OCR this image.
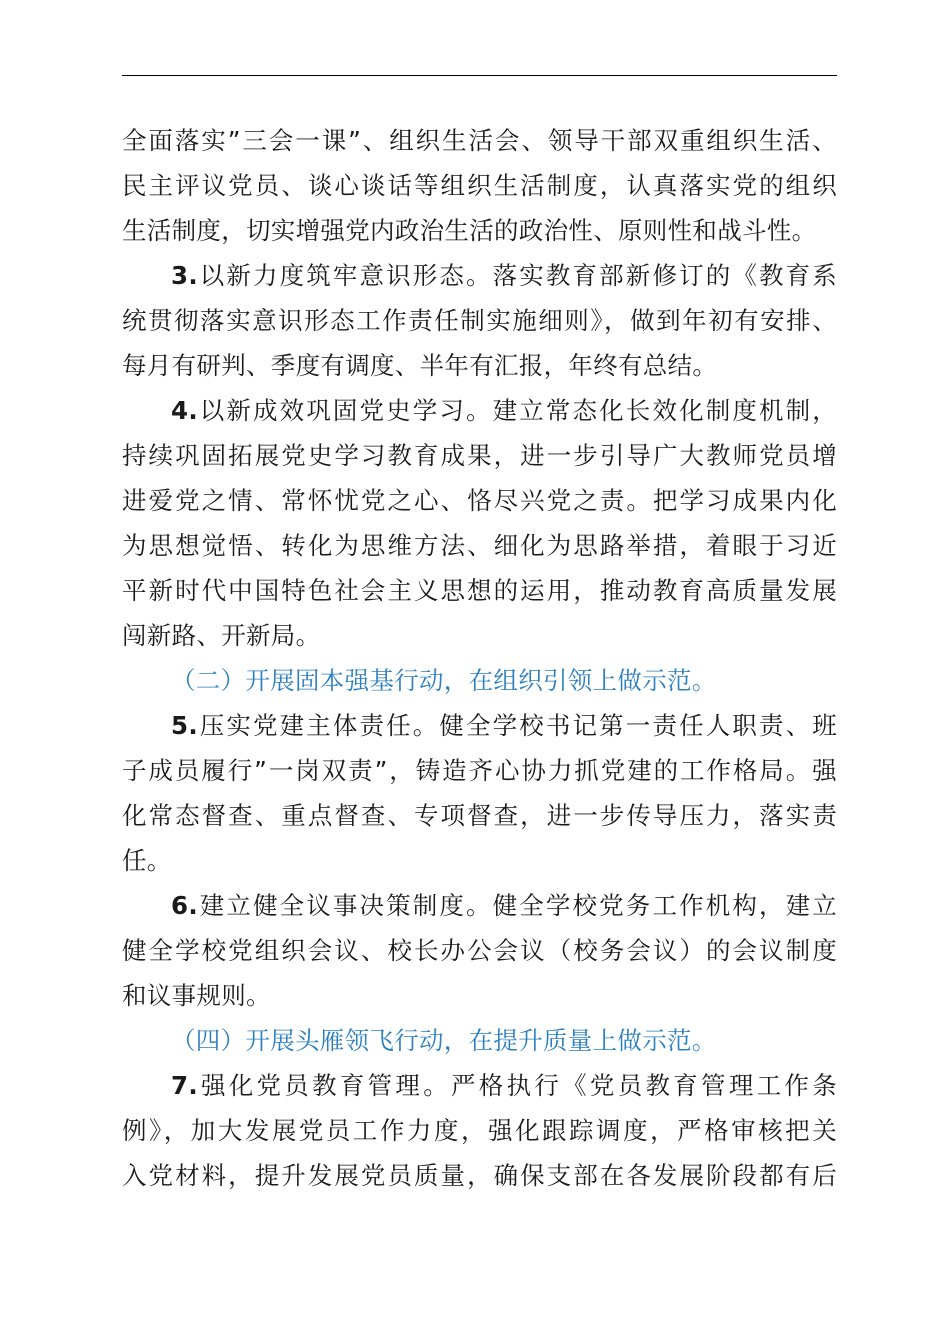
全面落实”三会一课”、组织生活会、领导干部双重组织生活、
民主评议党员、谈心谈话等组织生活制度，认真落实党的组织
生活制度，切实增强党内政治生活的政治性、原则性和战斗性。
3.以新力度筑牢意识形态。落实教育部新修订的《教育系
统贯彻落实意识形态工作责任制实施细则》，做到年初有安排、
每月有研判、季度有调度、半年有汇报，年终有总结。
4.以新成效巩固党史学习。建立常态化长效化制度机制，
持续巩固拓展党史学习教育成果，进一步引导广大教师党员增
进爱党之情、常怀忧党之心、恪尽兴党之责。把学习成果内化
为思想觉悟、转化为思维方法、细化为思路举措，着眼于习近
平新时代中国特色社会主义思想的运用，推动教育高质量发展
闯新路、开新局。
（二）开展固本强基行动，在组织引领上做示范。
5.压实党建主体责任。健全学校书记第一责任人职责、班
子成员履行”一岗双责”，铸造齐心协力抓党建的工作格局。强
化常态督查、重点督查、专项督查，进一步传导压力，落实责
任。
6.建立健全议事决策制度。健全学校党务工作机构，建立
健全学校党组织会议、校长办公会议（校务会议）的会议制度
和议事规则。
（四）开展头雁领飞行动，在提升质量上做示范。
7.强化党员教育管理。严格执行《党员教育管理工作条
例》，加大发展党员工作力度，强化跟踪调度，严格审核把关
入党材料，提升发展党员质量，确保支部在各发展阶段都有后
